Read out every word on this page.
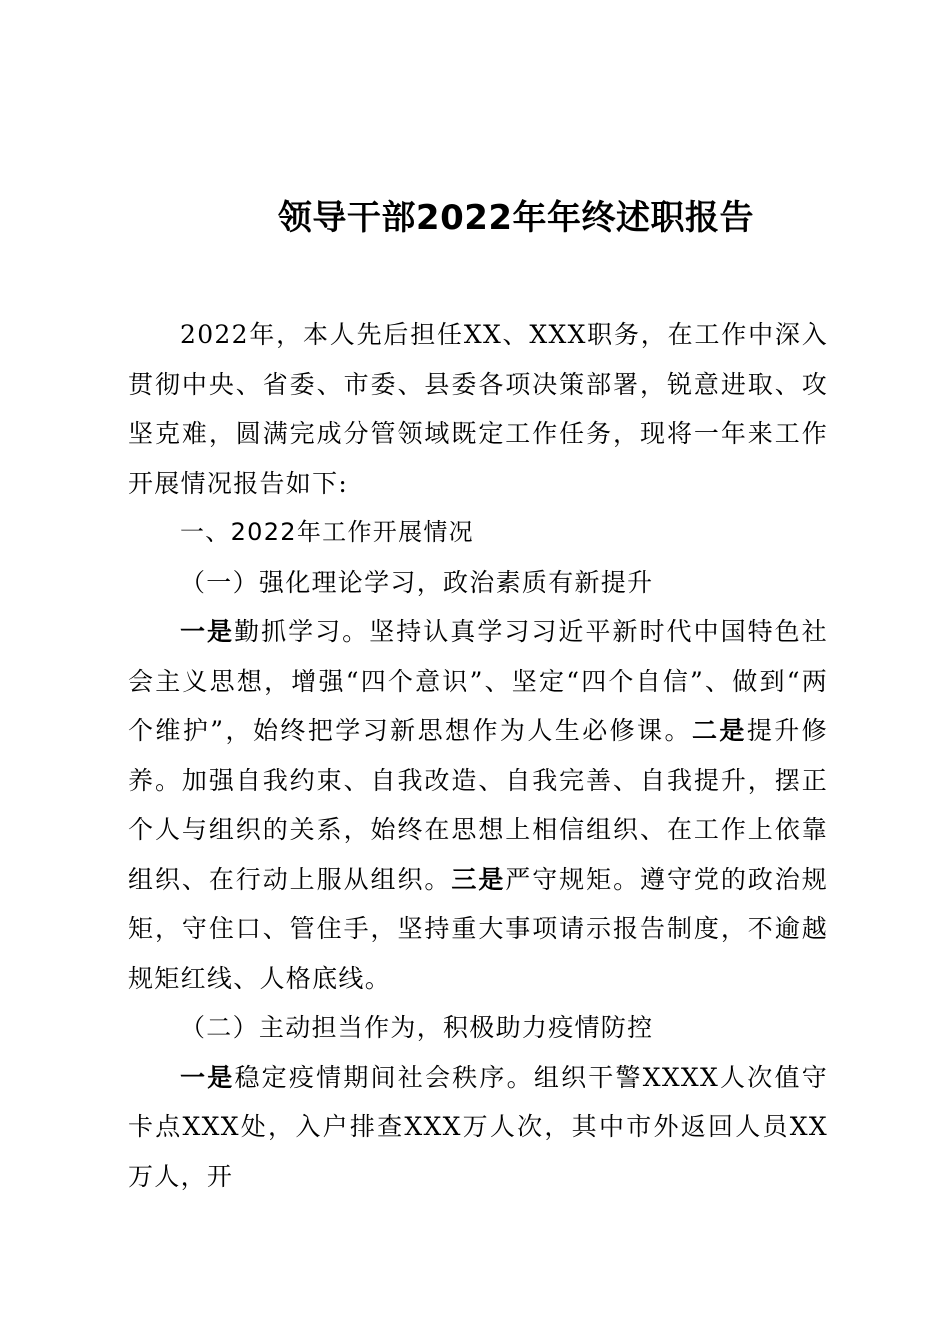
领导干部2022年年终述职报告

2022年，本人先后担任XX、XXX职务，在工作中深入贯彻中央、省委、市委、县委各项决策部署，锐意进取、攻坚克难，圆满完成分管领域既定工作任务，现将一年来工作开展情况报告如下:

一、2022年工作开展情况

（一）强化理论学习，政治素质有新提升

一是勤抓学习。坚持认真学习习近平新时代中国特色社会主义思想，增强“四个意识”、坚定“四个自信”、做到“两个维护”，始终把学习新思想作为人生必修课。二是提升修养。加强自我约束、自我改造、自我完善、自我提升，摆正个人与组织的关系，始终在思想上相信组织、在工作上依靠组织、在行动上服从组织。三是严守规矩。遵守党的政治规矩，守住口、管住手，坚持重大事项请示报告制度，不逾越规矩红线、人格底线。

（二）主动担当作为，积极助力疫情防控

一是稳定疫情期间社会秩序。组织干警XXXX人次值守卡点XXX处，入户排查XXX万人次，其中市外返回人员XX万人，开
